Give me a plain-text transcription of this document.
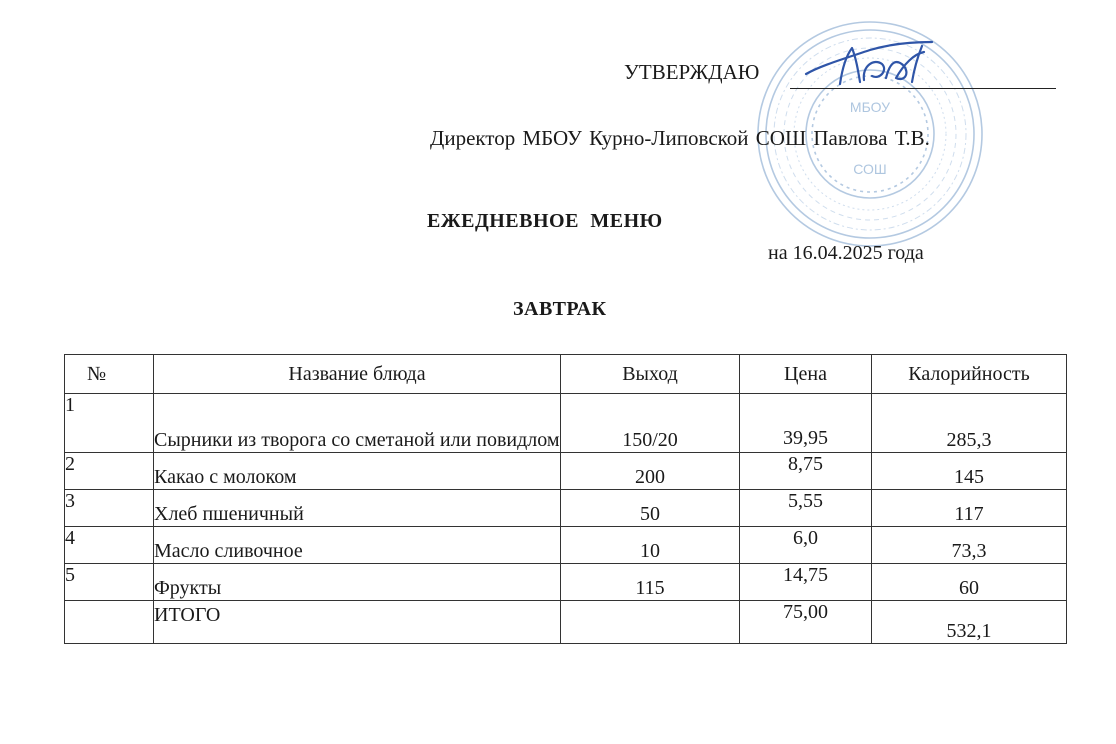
МБОУ
СОШ
УТВЕРЖДАЮ
Директор МБОУ Курно-Липовской СОШ Павлова Т.В.
ЕЖЕДНЕВНОЕ МЕНЮ
на 16.04.2025 года
ЗАВТРАК
№	Название блюда	Выход	Цена	Калорийность
1	Сырники из творога со сметаной или повидлом	150/20	39,95	285,3
2	Какао с молоком	200	8,75	145
3	Хлеб пшеничный	50	5,55	117
4	Масло сливочное	10	6,0	73,3
5	Фрукты	115	14,75	60
	ИТОГО		75,00	532,1
